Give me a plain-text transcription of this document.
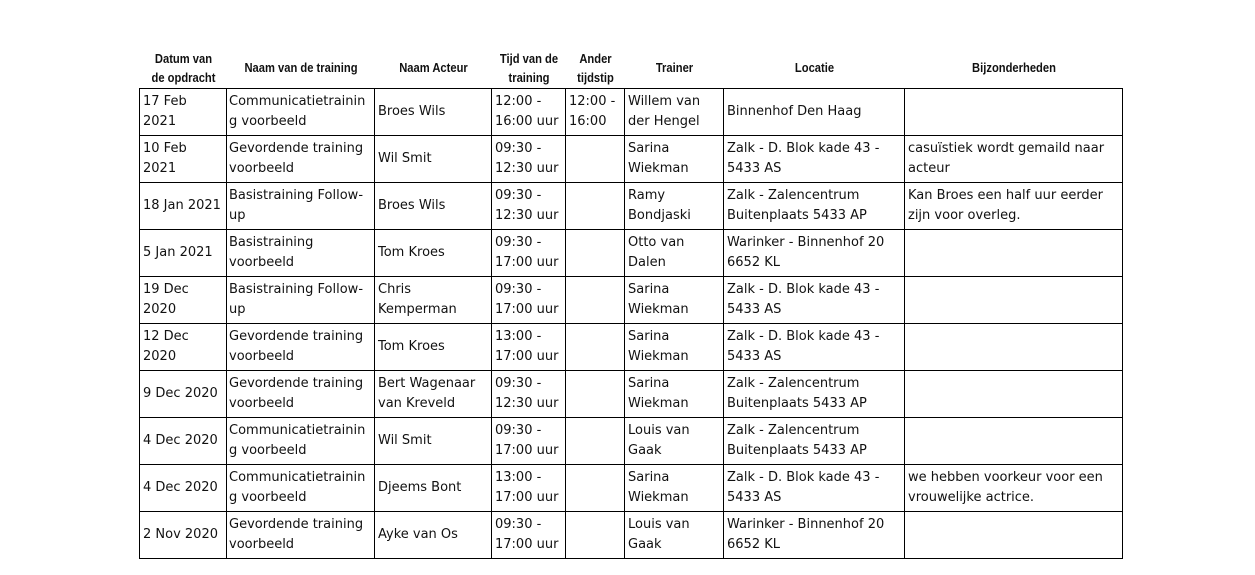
Datum van de opdracht	Naam van de training	Naam Acteur	Tijd van de training	Ander tijdstip	Trainer	Locatie	Bijzonderheden
17 Feb 2021	Communicatietraining voorbeeld	Broes Wils	12:00 - 16:00 uur	12:00 - 16:00	Willem van der Hengel	Binnenhof Den Haag	
10 Feb 2021	Gevordende training voorbeeld	Wil Smit	09:30 - 12:30 uur		Sarina Wiekman	Zalk - D. Blok kade 43 - 5433 AS	casuïstiek wordt gemaild naar acteur
18 Jan 2021	Basistraining Follow-up	Broes Wils	09:30 - 12:30 uur		Ramy Bondjaski	Zalk - Zalencentrum Buitenplaats 5433 AP	Kan Broes een half uur eerder zijn voor overleg.
5 Jan 2021	Basistraining voorbeeld	Tom Kroes	09:30 - 17:00 uur		Otto van Dalen	Warinker - Binnenhof 20 6652 KL	
19 Dec 2020	Basistraining Follow-up	Chris Kemperman	09:30 - 17:00 uur		Sarina Wiekman	Zalk - D. Blok kade 43 - 5433 AS	
12 Dec 2020	Gevordende training voorbeeld	Tom Kroes	13:00 - 17:00 uur		Sarina Wiekman	Zalk - D. Blok kade 43 - 5433 AS	
9 Dec 2020	Gevordende training voorbeeld	Bert Wagenaar van Kreveld	09:30 - 12:30 uur		Sarina Wiekman	Zalk - Zalencentrum Buitenplaats 5433 AP	
4 Dec 2020	Communicatietraining voorbeeld	Wil Smit	09:30 - 17:00 uur		Louis van Gaak	Zalk - Zalencentrum Buitenplaats 5433 AP	
4 Dec 2020	Communicatietraining voorbeeld	Djeems Bont	13:00 - 17:00 uur		Sarina Wiekman	Zalk - D. Blok kade 43 - 5433 AS	we hebben voorkeur voor een vrouwelijke actrice.
2 Nov 2020	Gevordende training voorbeeld	Ayke van Os	09:30 - 17:00 uur		Louis van Gaak	Warinker - Binnenhof 20 6652 KL	
